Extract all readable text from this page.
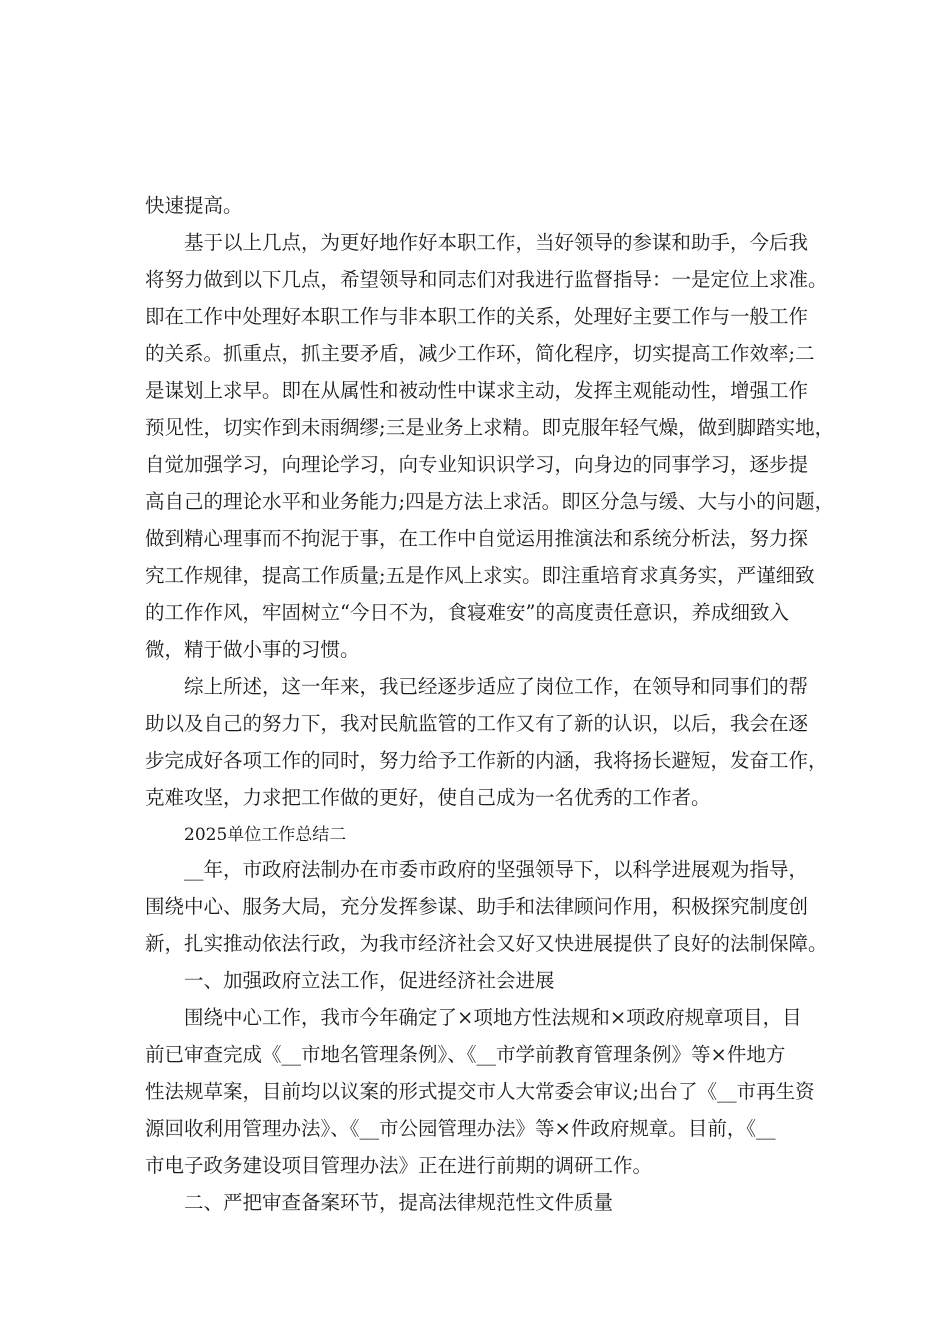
快速提高。
基于以上几点，为更好地作好本职工作，当好领导的参谋和助手，今后我
将努力做到以下几点，希望领导和同志们对我进行监督指导：一是定位上求准。
即在工作中处理好本职工作与非本职工作的关系，处理好主要工作与一般工作
的关系。抓重点，抓主要矛盾，减少工作环，简化程序，切实提高工作效率;二
是谋划上求早。即在从属性和被动性中谋求主动，发挥主观能动性，增强工作
预见性，切实作到未雨绸缪;三是业务上求精。即克服年轻气燥，做到脚踏实地，
自觉加强学习，向理论学习，向专业知识识学习，向身边的同事学习，逐步提
高自己的理论水平和业务能力;四是方法上求活。即区分急与缓、大与小的问题，
做到精心理事而不拘泥于事，在工作中自觉运用推演法和系统分析法，努力探
究工作规律，提高工作质量;五是作风上求实。即注重培育求真务实，严谨细致
的工作作风，牢固树立“今日不为，食寝难安”的高度责任意识，养成细致入
微，精于做小事的习惯。
综上所述，这一年来，我已经逐步适应了岗位工作，在领导和同事们的帮
助以及自己的努力下，我对民航监管的工作又有了新的认识，以后，我会在逐
步完成好各项工作的同时，努力给予工作新的内涵，我将扬长避短，发奋工作，
克难攻坚，力求把工作做的更好，使自己成为一名优秀的工作者。
2025单位工作总结二
__年，市政府法制办在市委市政府的坚强领导下，以科学进展观为指导，
围绕中心、服务大局，充分发挥参谋、助手和法律顾问作用，积极探究制度创
新，扎实推动依法行政，为我市经济社会又好又快进展提供了良好的法制保障。
一、加强政府立法工作，促进经济社会进展
围绕中心工作，我市今年确定了×项地方性法规和×项政府规章项目，目
前已审查完成《__市地名管理条例》、《__市学前教育管理条例》等×件地方
性法规草案，目前均以议案的形式提交市人大常委会审议;出台了《__市再生资
源回收利用管理办法》、《__市公园管理办法》等×件政府规章。目前，《__
市电子政务建设项目管理办法》正在进行前期的调研工作。
二、严把审查备案环节，提高法律规范性文件质量
